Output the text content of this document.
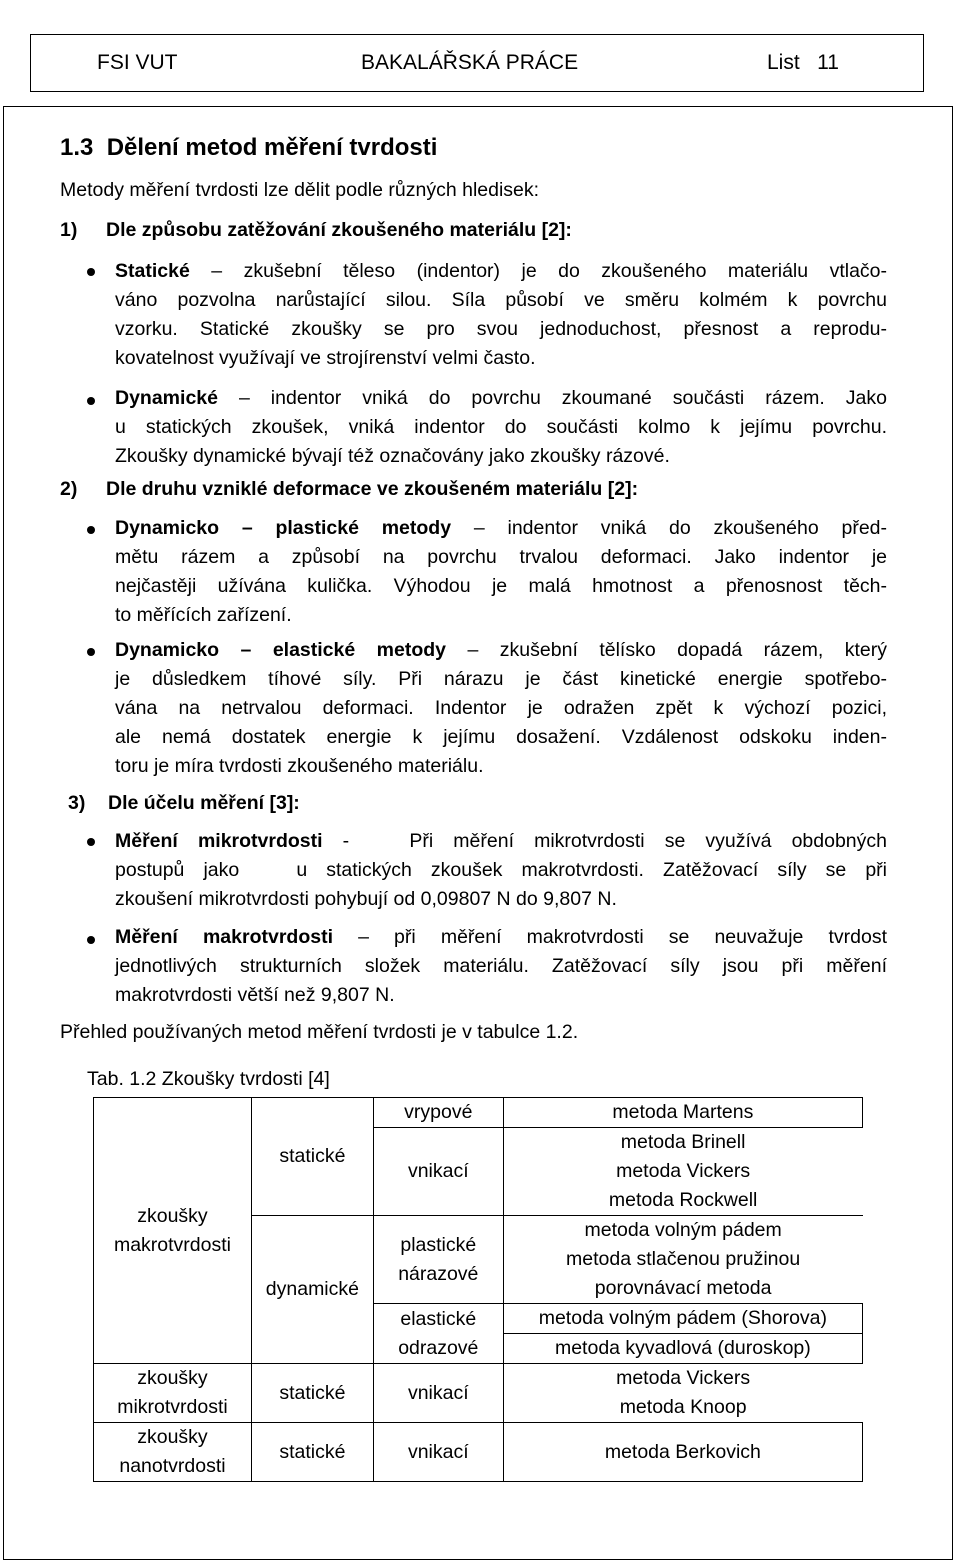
FSI VUT	BAKALÁŘSKÁ PRÁCE	List   11
1.3  Dělení metod měření tvrdosti
Metody měření tvrdosti lze dělit podle různých hledisek:
1) Dle způsobu zatěžování zkoušeného materiálu [2]:
Statické – zkušební těleso (indentor) je do zkoušeného materiálu vtlačo-
váno pozvolna narůstající silou. Síla působí ve směru kolmém k povrchu
vzorku. Statické zkoušky se pro svou jednoduchost, přesnost a reprodu-
kovatelnost využívají ve strojírenství velmi často.
Dynamické – indentor vniká do povrchu zkoumané součásti rázem. Jako
u statických zkoušek, vniká indentor do součásti kolmo k jejímu povrchu.
Zkoušky dynamické bývají též označovány jako zkoušky rázové.
2) Dle druhu vzniklé deformace ve zkoušeném materiálu [2]:
Dynamicko – plastické metody – indentor vniká do zkoušeného před-
mětu rázem a způsobí na povrchu trvalou deformaci. Jako indentor je
nejčastěji užívána kulička. Výhodou je malá hmotnost a přenosnost těch-
to měřících zařízení.
Dynamicko – elastické metody – zkušební tělísko dopadá rázem, který
je důsledkem tíhové síly. Při nárazu je část kinetické energie spotřebo-
vána na netrvalou deformaci. Indentor je odražen zpět k výchozí pozici,
ale nemá dostatek energie k jejímu dosažení. Vzdálenost odskoku inden-
toru je míra tvrdosti zkoušeného materiálu.
3) Dle účelu měření [3]:
Měření mikrotvrdosti -   Při měření mikrotvrdosti se využívá obdobných
postupů jako   u statických zkoušek makrotvrdosti. Zatěžovací síly se při
zkoušení mikrotvrdosti pohybují od 0,09807 N do 9,807 N.
Měření makrotvrdosti – při měření makrotvrdosti se neuvažuje tvrdost
jednotlivých strukturních složek materiálu. Zatěžovací síly jsou při měření
makrotvrdosti větší než 9,807 N.
Přehled používaných metod měření tvrdosti je v tabulce 1.2.
Tab. 1.2 Zkoušky tvrdosti [4]
zkoušky makrotvrdosti	statické	vrypové	metoda Martens
		vnikací	metoda Brinell
			metoda Vickers
			metoda Rockwell
	dynamické	plastické nárazové	metoda volným pádem
			metoda stlačenou pružinou
			porovnávací metoda
		elastické odrazové	metoda volným pádem (Shorova)
			metoda kyvadlová (duroskop)
zkoušky mikrotvrdosti	statické	vnikací	metoda Vickers
			metoda Knoop
zkoušky nanotvrdosti	statické	vnikací	metoda Berkovich
